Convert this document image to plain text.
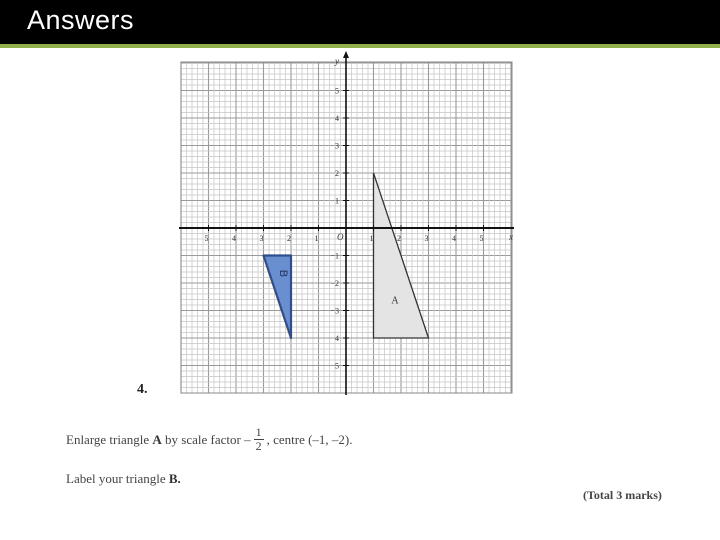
Answers
A
B
5	4	3	2	1	1	2	3	4	5
5
4
3
2
1
−1
−2
−3
4
5
O	x
y
4.
Enlarge triangle
A
by scale factor – $\frac{1}{2}$ , centre (–1, –2).
Label your triangle B.
(Total 3 marks)
